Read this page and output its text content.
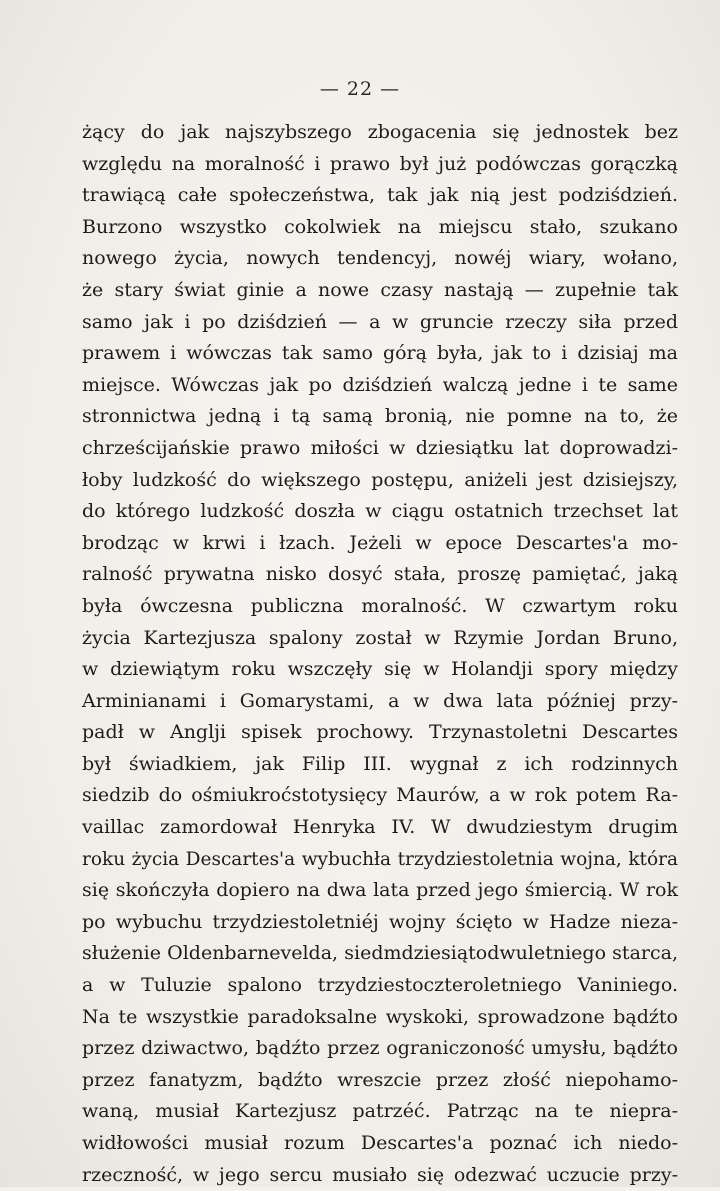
— 22 —
żący do jak najszybszego zbogacenia się jednostek bez
względu na moralność i prawo był już podówczas gorączką
trawiącą całe społeczeństwa, tak jak nią jest podziśdzień.
Burzono wszystko cokolwiek na miejscu stało, szukano
nowego życia, nowych tendencyj, nowéj wiary, wołano,
że stary świat ginie a nowe czasy nastają — zupełnie tak
samo jak i po dziśdzień — a w gruncie rzeczy siła przed
prawem i wówczas tak samo górą była, jak to i dzisiaj ma
miejsce. Wówczas jak po dziśdzień walczą jedne i te same
stronnictwa jedną i tą samą bronią, nie pomne na to, że
chrześcijańskie prawo miłości w dziesiątku lat doprowadzi-
łoby ludzkość do większego postępu, aniżeli jest dzisiejszy,
do którego ludzkość doszła w ciągu ostatnich trzechset lat
brodząc w krwi i łzach. Jeżeli w epoce Descartes'a mo-
ralność prywatna nisko dosyć stała, proszę pamiętać, jaką
była ówczesna publiczna moralność. W czwartym roku
życia Kartezjusza spalony został w Rzymie Jordan Bruno,
w dziewiątym roku wszczęły się w Holandji spory między
Arminianami i Gomarystami, a w dwa lata później przy-
padł w Anglji spisek prochowy. Trzynastoletni Descartes
był świadkiem, jak Filip III. wygnał z ich rodzinnych
siedzib do ośmiukroćstotysięcy Maurów, a w rok potem Ra-
vaillac zamordował Henryka IV. W dwudziestym drugim
roku życia Descartes'a wybuchła trzydziestoletnia wojna, która
się skończyła dopiero na dwa lata przed jego śmiercią. W rok
po wybuchu trzydziestoletniéj wojny ścięto w Hadze nieza-
służenie Oldenbarnevelda, siedmdziesiątodwuletniego starca,
a w Tuluzie spalono trzydziestoczteroletniego Vaniniego.
Na te wszystkie paradoksalne wyskoki, sprowadzone bądźto
przez dziwactwo, bądźto przez ograniczoność umysłu, bądźto
przez fanatyzm, bądźto wreszcie przez złość niepohamo-
waną, musiał Kartezjusz patrzéć. Patrząc na te niepra-
widłowości musiał rozum Descartes'a poznać ich niedo-
rzeczność, w jego sercu musiało się odezwać uczucie przy-
